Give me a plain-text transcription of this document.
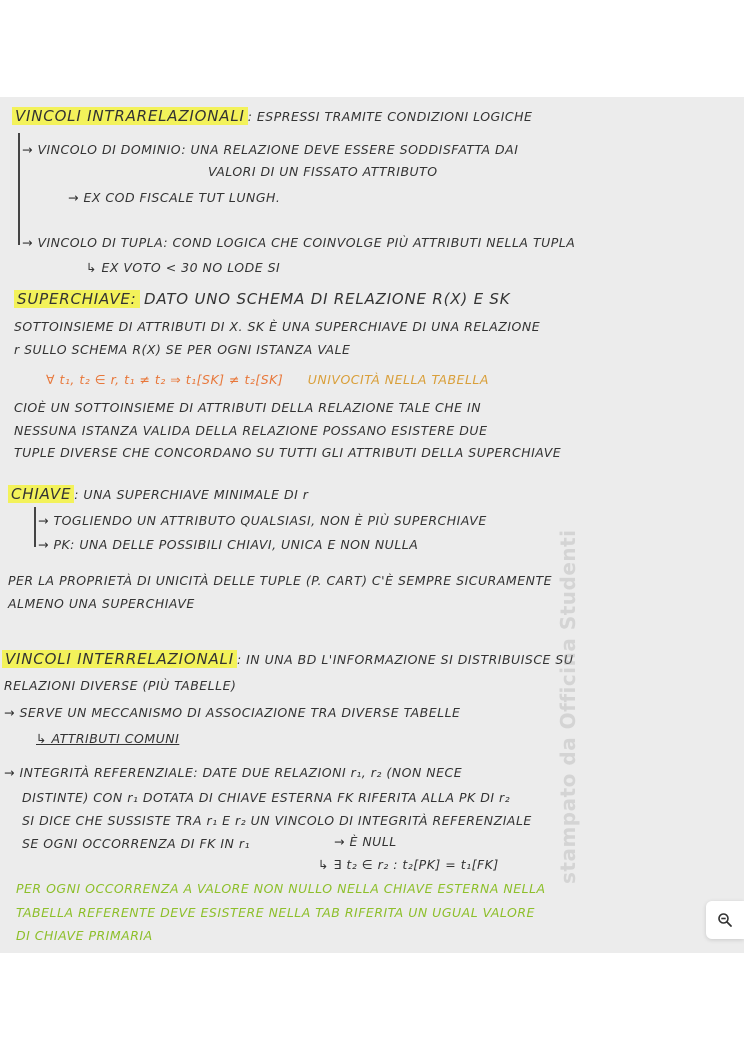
VINCOLI INTRARELAZIONALI : ESPRESSI TRAMITE CONDIZIONI LOGICHE

→ VINCOLO DI DOMINIO: UNA RELAZIONE DEVE ESSERE SODDISFATTA DAI

VALORI DI UN FISSATO ATTRIBUTO

→ EX COD FISCALE TUT LUNGH.

→ VINCOLO DI TUPLA: COND LOGICA CHE COINVOLGE PIÙ ATTRIBUTI NELLA TUPLA

↳ EX VOTO < 30 NO LODE SI

SUPERCHIAVE: DATO UNO SCHEMA DI RELAZIONE R(X) E SK

SOTTOINSIEME DI ATTRIBUTI DI X. SK È UNA SUPERCHIAVE DI UNA RELAZIONE

r SULLO SCHEMA R(X) SE PER OGNI ISTANZA VALE

∀ t₁, t₂ ∈ r, t₁ ≠ t₂ ⇒ t₁[SK] ≠ t₂[SK] UNIVOCITÀ NELLA TABELLA

CIOÈ UN SOTTOINSIEME DI ATTRIBUTI DELLA RELAZIONE TALE CHE IN

NESSUNA ISTANZA VALIDA DELLA RELAZIONE POSSANO ESISTERE DUE

TUPLE DIVERSE CHE CONCORDANO SU TUTTI GLI ATTRIBUTI DELLA SUPERCHIAVE

CHIAVE : UNA SUPERCHIAVE MINIMALE DI r

→ TOGLIENDO UN ATTRIBUTO QUALSIASI, NON È PIÙ SUPERCHIAVE

→ PK: UNA DELLE POSSIBILI CHIAVI, UNICA E NON NULLA

PER LA PROPRIETÀ DI UNICITÀ DELLE TUPLE (P. CART) C'È SEMPRE SICURAMENTE

ALMENO UNA SUPERCHIAVE

VINCOLI INTERRELAZIONALI : IN UNA BD L'INFORMAZIONE SI DISTRIBUISCE SU

RELAZIONI DIVERSE (PIÙ TABELLE)

→ SERVE UN MECCANISMO DI ASSOCIAZIONE TRA DIVERSE TABELLE

↳ ATTRIBUTI COMUNI

→ INTEGRITÀ REFERENZIALE: DATE DUE RELAZIONI r₁, r₂ (NON NECE

DISTINTE) CON r₁ DOTATA DI CHIAVE ESTERNA FK RIFERITA ALLA PK DI r₂

SI DICE CHE SUSSISTE TRA r₁ E r₂ UN VINCOLO DI INTEGRITÀ REFERENZIALE

SE OGNI OCCORRENZA DI FK IN r₁	→ È NULL

↳ ∃ t₂ ∈ r₂ : t₂[PK] = t₁[FK]

PER OGNI OCCORRENZA A VALORE NON NULLO NELLA CHIAVE ESTERNA NELLA

TABELLA REFERENTE DEVE ESISTERE NELLA TAB RIFERITA UN UGUAL VALORE

DI CHIAVE PRIMARIA

stampato da Officina Studenti
